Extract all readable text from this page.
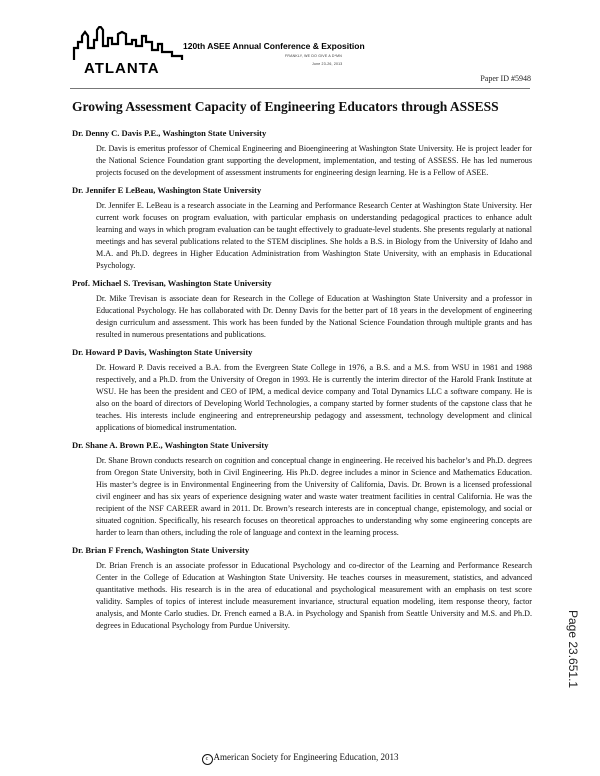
ATLANTA
120th ASEE Annual Conference & Exposition
FRANKLY, WE DO GIVE A D*MN
June 23-26, 2013
Paper ID #5948
Growing Assessment Capacity of Engineering Educators through ASSESS

Dr. Denny C. Davis P.E., Washington State University

Dr. Davis is emeritus professor of Chemical Engineering and Bioengineering at Washington State University. He is project leader for the National Science Foundation grant supporting the development, implementation, and testing of ASSESS. He has led numerous projects focused on the development of assessment instruments for engineering design learning. He is a Fellow of ASEE.

Dr. Jennifer E LeBeau, Washington State University

Dr. Jennifer E. LeBeau is a research associate in the Learning and Performance Research Center at Washington State University. Her current work focuses on program evaluation, with particular emphasis on understanding pedagogical practices to enhance adult learning and ways in which program evaluation can be taught effectively to graduate-level students. She presents regularly at national meetings and has several publications related to the STEM disciplines. She holds a B.S. in Biology from the University of Idaho and M.A. and Ph.D. degrees in Higher Education Administration from Washington State University, with an emphasis in Educational Psychology.

Prof. Michael S. Trevisan, Washington State University

Dr. Mike Trevisan is associate dean for Research in the College of Education at Washington State University and a professor in Educational Psychology. He has collaborated with Dr. Denny Davis for the better part of 18 years in the development of engineering design curriculum and assessment. This work has been funded by the National Science Foundation through multiple grants and has resulted in numerous presentations and publications.

Dr. Howard P Davis, Washington State University

Dr. Howard P. Davis received a B.A. from the Evergreen State College in 1976, a B.S. and a M.S. from WSU in 1981 and 1988 respectively, and a Ph.D. from the University of Oregon in 1993. He is currently the interim director of the Harold Frank Institute at WSU. He has been the president and CEO of IPM, a medical device company and Total Dynamics LLC a software company. He is also on the board of directors of Developing World Technologies, a company started by former students of the capstone class that he teaches. His interests include engineering and entrepreneurship pedagogy and assessment, technology development and clinical applications of biomedical instrumentation.

Dr. Shane A. Brown P.E., Washington State University

Dr. Shane Brown conducts research on cognition and conceptual change in engineering. He received his bachelor’s and Ph.D. degrees from Oregon State University, both in Civil Engineering. His Ph.D. degree includes a minor in Science and Mathematics Education. His master’s degree is in Environmental Engineering from the University of California, Davis. Dr. Brown is a licensed professional civil engineer and has six years of experience designing water and waste water treatment facilities in central California. He was the recipient of the NSF CAREER award in 2011. Dr. Brown’s research interests are in conceptual change, epistemology, and social or situated cognition. Specifically, his research focuses on theoretical approaches to understanding why some engineering concepts are harder to learn than others, including the role of language and context in the learning process.

Dr. Brian F French, Washington State University

Dr. Brian French is an associate professor in Educational Psychology and co-director of the Learning and Performance Research Center in the College of Education at Washington State University. He teaches courses in measurement, statistics, and advanced quantitative methods. His research is in the area of educational and psychological measurement with an emphasis on test score validity. Samples of topics of interest include measurement invariance, structural equation modeling, item response theory, factor analysis, and Monte Carlo studies. Dr. French earned a B.A. in Psychology and Spanish from Seattle University and M.S. and Ph.D. degrees in Educational Psychology from Purdue University.	Page 23.651.1
c American Society for Engineering Education, 2013
